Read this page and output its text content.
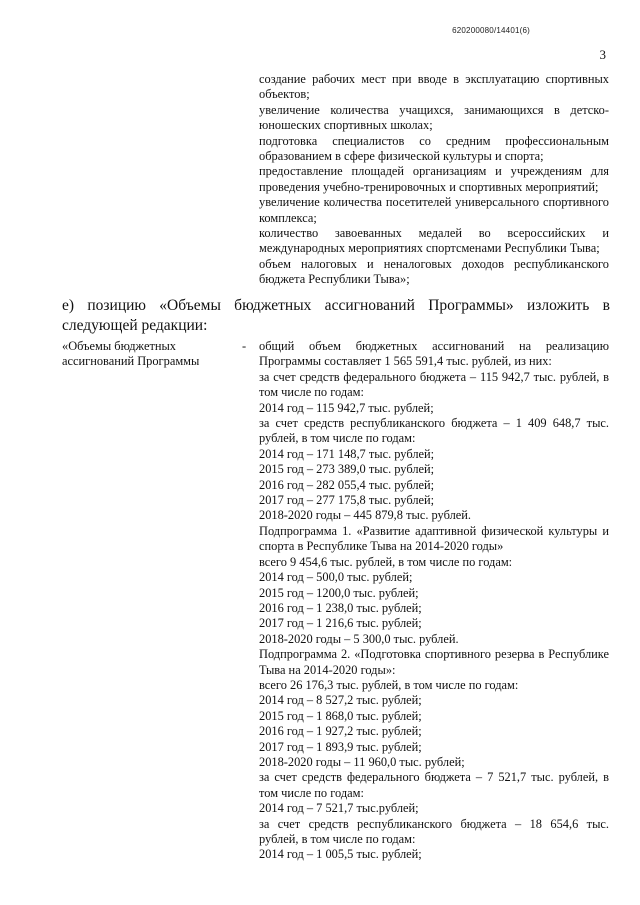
620200080/14401(6)
3

создание рабочих мест при вводе в эксплуатацию спортивных объектов;

увеличение количества учащихся, занимающихся в детско-юношеских спортивных школах;

подготовка специалистов со средним профессиональным образованием в сфере физической культуры и спорта;

предоставление площадей организациям и учреждениям для проведения учебно-тренировочных и спортивных мероприятий;

увеличение количества посетителей универсального спортивного комплекса;

количество завоеванных медалей во всероссийских и международных мероприятиях спортсменами Республики Тыва;

объем налоговых и неналоговых доходов республиканского бюджета Республики Тыва»;

е) позицию «Объемы бюджетных ассигнований Программы» изложить в следующей редакции:

«Объемы бюджетных ассигнований Программы
- общий объем бюджетных ассигнований на реализацию Программы составляет 1 565 591,4 тыс. рублей, из них:

за счет средств федерального бюджета – 115 942,7 тыс. рублей, в том числе по годам:

2014 год – 115 942,7 тыс. рублей;

за счет средств республиканского бюджета – 1 409 648,7 тыс. рублей, в том числе по годам:

2014 год – 171 148,7 тыс. рублей;

2015 год – 273 389,0 тыс. рублей;

2016 год – 282 055,4 тыс. рублей;

2017 год – 277 175,8 тыс. рублей;

2018-2020 годы – 445 879,8 тыс. рублей.

Подпрограмма 1. «Развитие адаптивной физической культуры и спорта в Республике Тыва на 2014-2020 годы»

всего 9 454,6 тыс. рублей, в том числе по годам:

2014 год – 500,0 тыс. рублей;

2015 год – 1200,0 тыс. рублей;

2016 год – 1 238,0 тыс. рублей;

2017 год – 1 216,6 тыс. рублей;

2018-2020 годы – 5 300,0 тыс. рублей.

Подпрограмма 2. «Подготовка спортивного резерва в Республике Тыва на 2014-2020 годы»:

всего 26 176,3 тыс. рублей, в том числе по годам:

2014 год – 8 527,2 тыс. рублей;

2015 год – 1 868,0 тыс. рублей;

2016 год – 1 927,2 тыс. рублей;

2017 год – 1 893,9 тыс. рублей;

2018-2020 годы – 11 960,0 тыс. рублей;

за счет средств федерального бюджета – 7 521,7 тыс. рублей, в том числе по годам:

2014 год – 7 521,7 тыс.рублей;

за счет средств республиканского бюджета – 18 654,6 тыс. рублей, в том числе по годам:

2014 год – 1 005,5 тыс. рублей;
